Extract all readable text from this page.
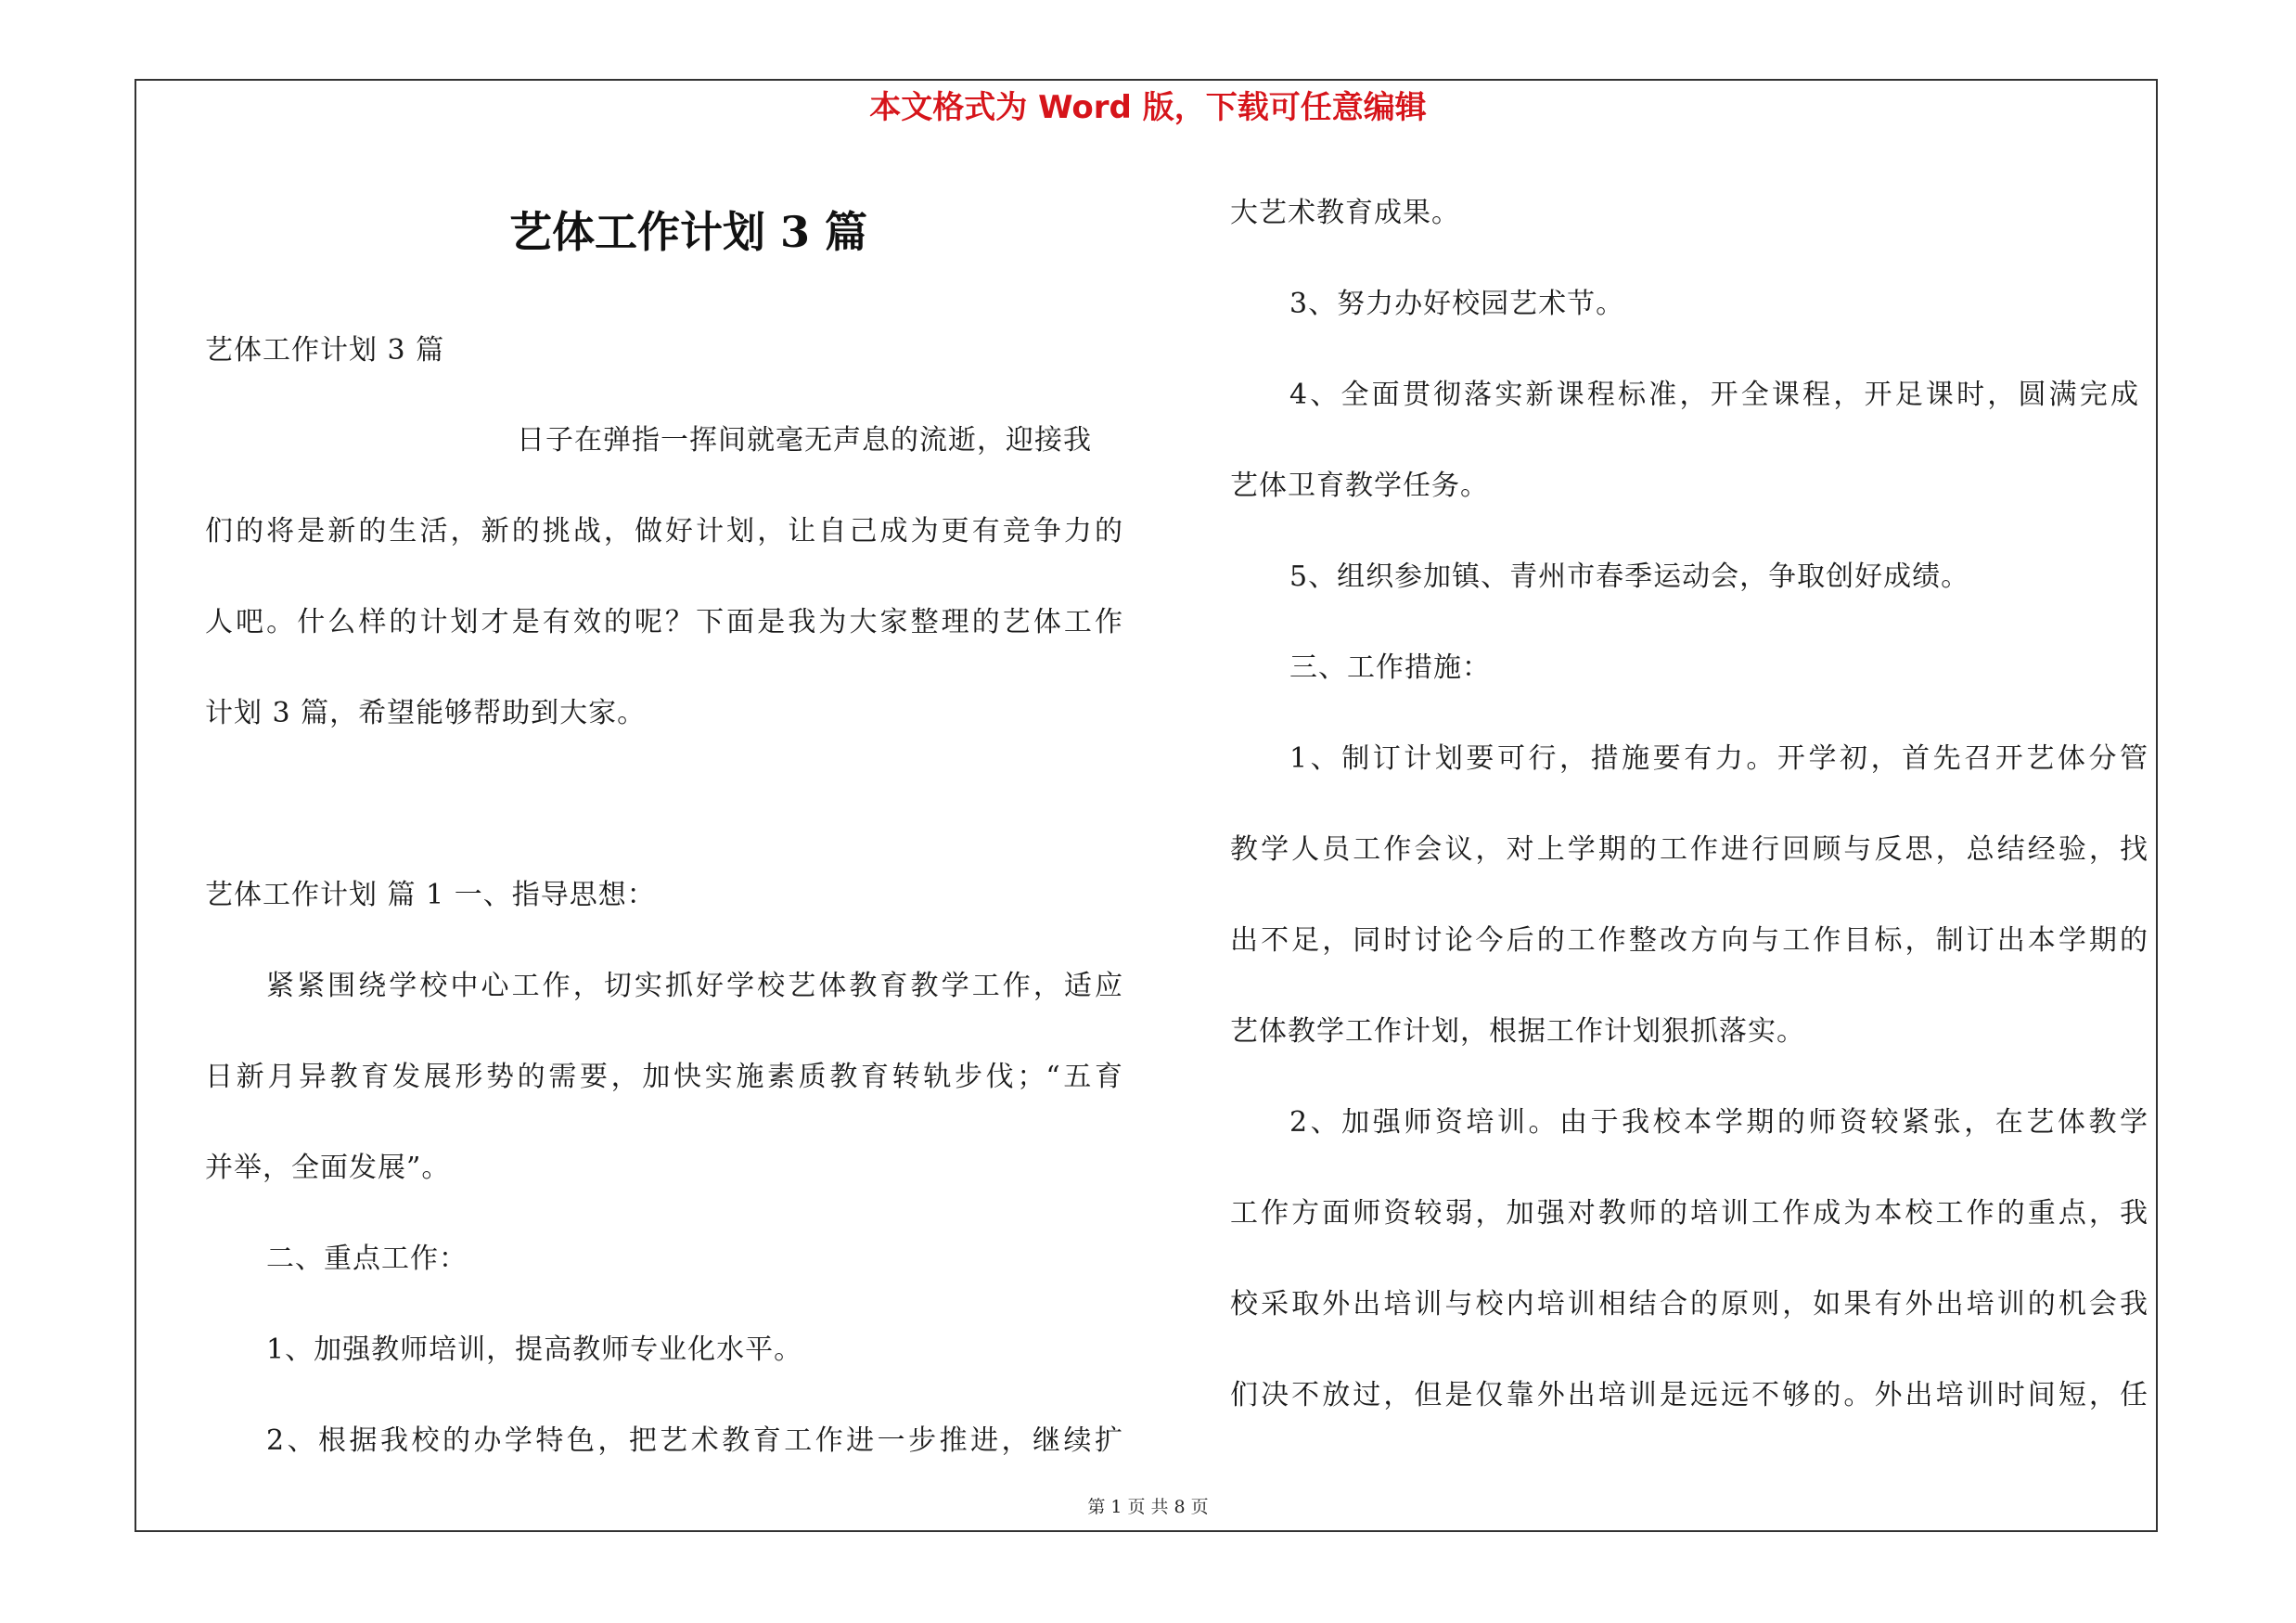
本文格式为 Word 版，下载可任意编辑
艺体工作计划 3 篇
艺体工作计划 3 篇
日子在弹指一挥间就毫无声息的流逝，迎接我
们的将是新的生活，新的挑战，做好计划，让自己成为更有竞争力的
人吧。什么样的计划才是有效的呢？下面是我为大家整理的艺体工作
计划 3 篇，希望能够帮助到大家。
艺体工作计划 篇 1 一、指导思想：
紧紧围绕学校中心工作，切实抓好学校艺体教育教学工作，适应
日新月异教育发展形势的需要，加快实施素质教育转轨步伐；“五育
并举，全面发展”。
二、重点工作：
1、加强教师培训，提高教师专业化水平。
2、根据我校的办学特色，把艺术教育工作进一步推进，继续扩
大艺术教育成果。
3、努力办好校园艺术节。
4、全面贯彻落实新课程标准，开全课程，开足课时，圆满完成
艺体卫育教学任务。
5、组织参加镇、青州市春季运动会，争取创好成绩。
三、工作措施：
1、制订计划要可行，措施要有力。开学初，首先召开艺体分管
教学人员工作会议，对上学期的工作进行回顾与反思，总结经验，找
出不足，同时讨论今后的工作整改方向与工作目标，制订出本学期的
艺体教学工作计划，根据工作计划狠抓落实。
2、加强师资培训。由于我校本学期的师资较紧张，在艺体教学
工作方面师资较弱，加强对教师的培训工作成为本校工作的重点，我
校采取外出培训与校内培训相结合的原则，如果有外出培训的机会我
们决不放过，但是仅靠外出培训是远远不够的。外出培训时间短，任
第 1 页 共 8 页
